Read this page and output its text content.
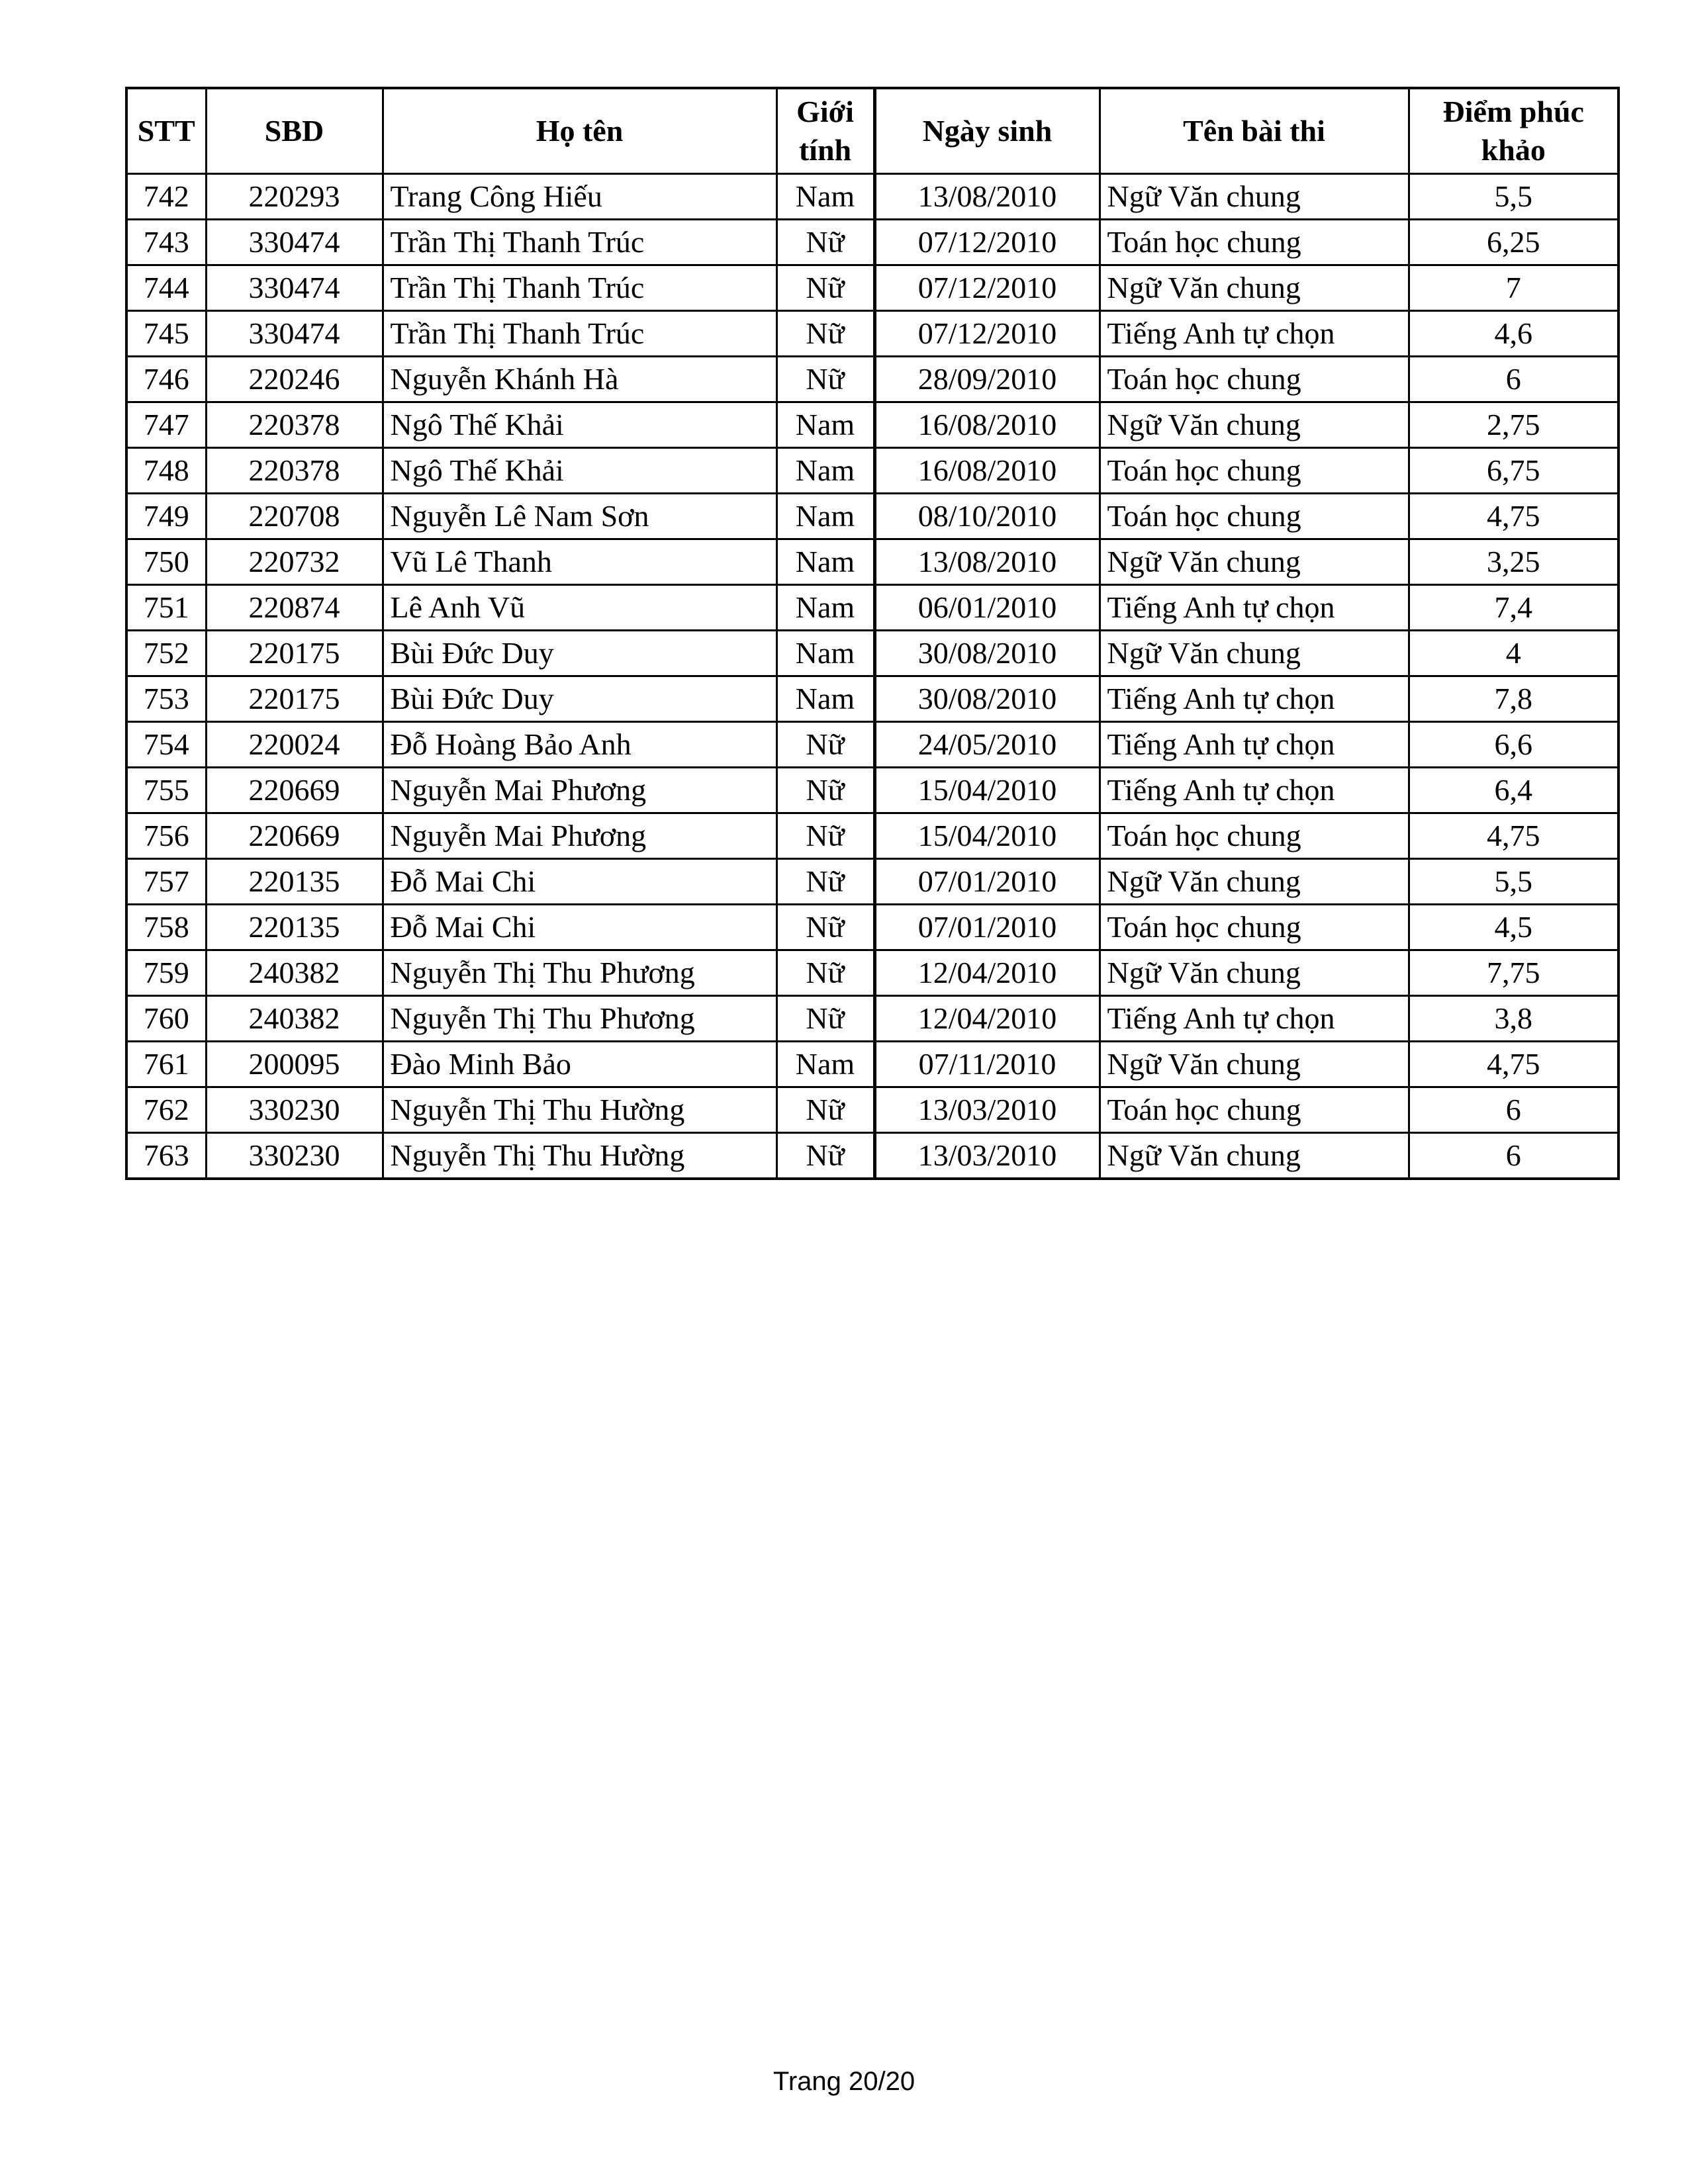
STT	SBD	Họ tên	Giới tính	Ngày sinh	Tên bài thi	Điểm phúc khảo
742	220293	Trang Công Hiếu	Nam	13/08/2010	Ngữ Văn chung	5,5
743	330474	Trần Thị Thanh Trúc	Nữ	07/12/2010	Toán học chung	6,25
744	330474	Trần Thị Thanh Trúc	Nữ	07/12/2010	Ngữ Văn chung	7
745	330474	Trần Thị Thanh Trúc	Nữ	07/12/2010	Tiếng Anh tự chọn	4,6
746	220246	Nguyễn Khánh Hà	Nữ	28/09/2010	Toán học chung	6
747	220378	Ngô Thế Khải	Nam	16/08/2010	Ngữ Văn chung	2,75
748	220378	Ngô Thế Khải	Nam	16/08/2010	Toán học chung	6,75
749	220708	Nguyễn Lê Nam Sơn	Nam	08/10/2010	Toán học chung	4,75
750	220732	Vũ Lê Thanh	Nam	13/08/2010	Ngữ Văn chung	3,25
751	220874	Lê Anh Vũ	Nam	06/01/2010	Tiếng Anh tự chọn	7,4
752	220175	Bùi Đức Duy	Nam	30/08/2010	Ngữ Văn chung	4
753	220175	Bùi Đức Duy	Nam	30/08/2010	Tiếng Anh tự chọn	7,8
754	220024	Đỗ Hoàng Bảo Anh	Nữ	24/05/2010	Tiếng Anh tự chọn	6,6
755	220669	Nguyễn Mai Phương	Nữ	15/04/2010	Tiếng Anh tự chọn	6,4
756	220669	Nguyễn Mai Phương	Nữ	15/04/2010	Toán học chung	4,75
757	220135	Đỗ Mai Chi	Nữ	07/01/2010	Ngữ Văn chung	5,5
758	220135	Đỗ Mai Chi	Nữ	07/01/2010	Toán học chung	4,5
759	240382	Nguyễn Thị Thu Phương	Nữ	12/04/2010	Ngữ Văn chung	7,75
760	240382	Nguyễn Thị Thu Phương	Nữ	12/04/2010	Tiếng Anh tự chọn	3,8
761	200095	Đào Minh Bảo	Nam	07/11/2010	Ngữ Văn chung	4,75
762	330230	Nguyễn Thị Thu Hường	Nữ	13/03/2010	Toán học chung	6
763	330230	Nguyễn Thị Thu Hường	Nữ	13/03/2010	Ngữ Văn chung	6
Trang 20/20
